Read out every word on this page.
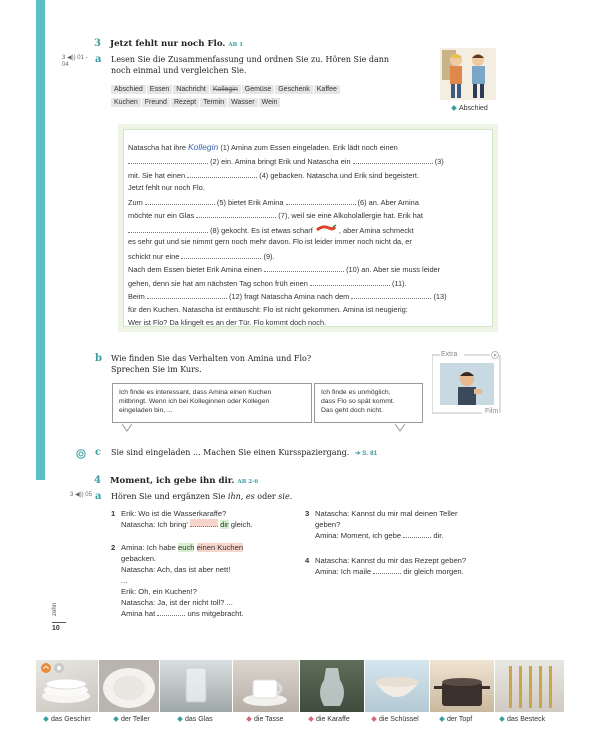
3 Jetzt fehlt nur noch Flo. AB 1
3 ◀)) 01 - 04	a Lesen Sie die Zusammenfassung und ordnen Sie zu. Hören Sie dann
noch einmal und vergleichen Sie.
Abschied Essen Nachricht Kollegin Gemüse Geschenk Kaffee
Kuchen Freund Rezept Termin Wasser Wein
Abschied
Natascha hat ihre Kollegin (1) Amina zum Essen eingeladen. Erik lädt noch einen
(2) ein. Amina bringt Erik und Natascha ein	(3)
mit. Sie hat einen	(4) gebacken. Natascha und Erik sind begeistert.
Jetzt fehlt nur noch Flo.
Zum	(5) bietet Erik Amina	(6) an. Aber Amina
möchte nur ein Glas	(7), weil sie eine Alkoholallergie hat. Erik hat
(8) gekocht. Es ist etwas scharf	, aber Amina schmeckt
es sehr gut und sie nimmt gern noch mehr davon. Flo ist leider immer noch nicht da, er
schickt nur eine	(9).
Nach dem Essen bietet Erik Amina einen	(10) an. Aber sie muss leider
gehen, denn sie hat am nächsten Tag schon früh einen	(11).
Beim	(12) fragt Natascha Amina nach dem	(13)
für den Kuchen. Natascha ist enttäuscht: Flo ist nicht gekommen. Amina ist neugierig:
Wer ist Flo? Da klingelt es an der Tür. Flo kommt doch noch.
b Wie finden Sie das Verhalten von Amina und Flo?
Sprechen Sie im Kurs.
Ich finde es interessant, dass Amina einen Kuchen
mitbringt. Wenn ich bei Kolleginnen oder Kollegen
eingeladen bin, ...
Ich finde es unmöglich,
dass Flo so spät kommt.
Das geht doch nicht.
Extra
Film
c Sie sind eingeladen ... Machen Sie einen Kursspaziergang. ➔ S. 81
4 Moment, ich gebe ihn dir. AB 2-6
3 ◀)) 05 a Hören Sie und ergänzen Sie ihn, es oder sie.
1 Erik: Wo ist die Wasserkaraffe?
Natascha: Ich bring'	dir gleich.
2 Amina: Ich habe euch einen Kuchen
gebacken.
Natascha: Ach, das ist aber nett!
...
Erik: Oh, ein Kuchen!?
Natascha: Ja, ist der nicht toll? ...
Amina hat	uns mitgebracht.
3 Natascha: Kannst du mir mal deinen Teller
geben?
Amina: Moment, ich gebe	dir.
4 Natascha: Kannst du mir das Rezept geben?
Amina: Ich maile	dir gleich morgen.
zehn
10
das Geschirr	der Teller	das Glas	die Tasse	die Karaffe	die Schüssel	der Topf	das Besteck
